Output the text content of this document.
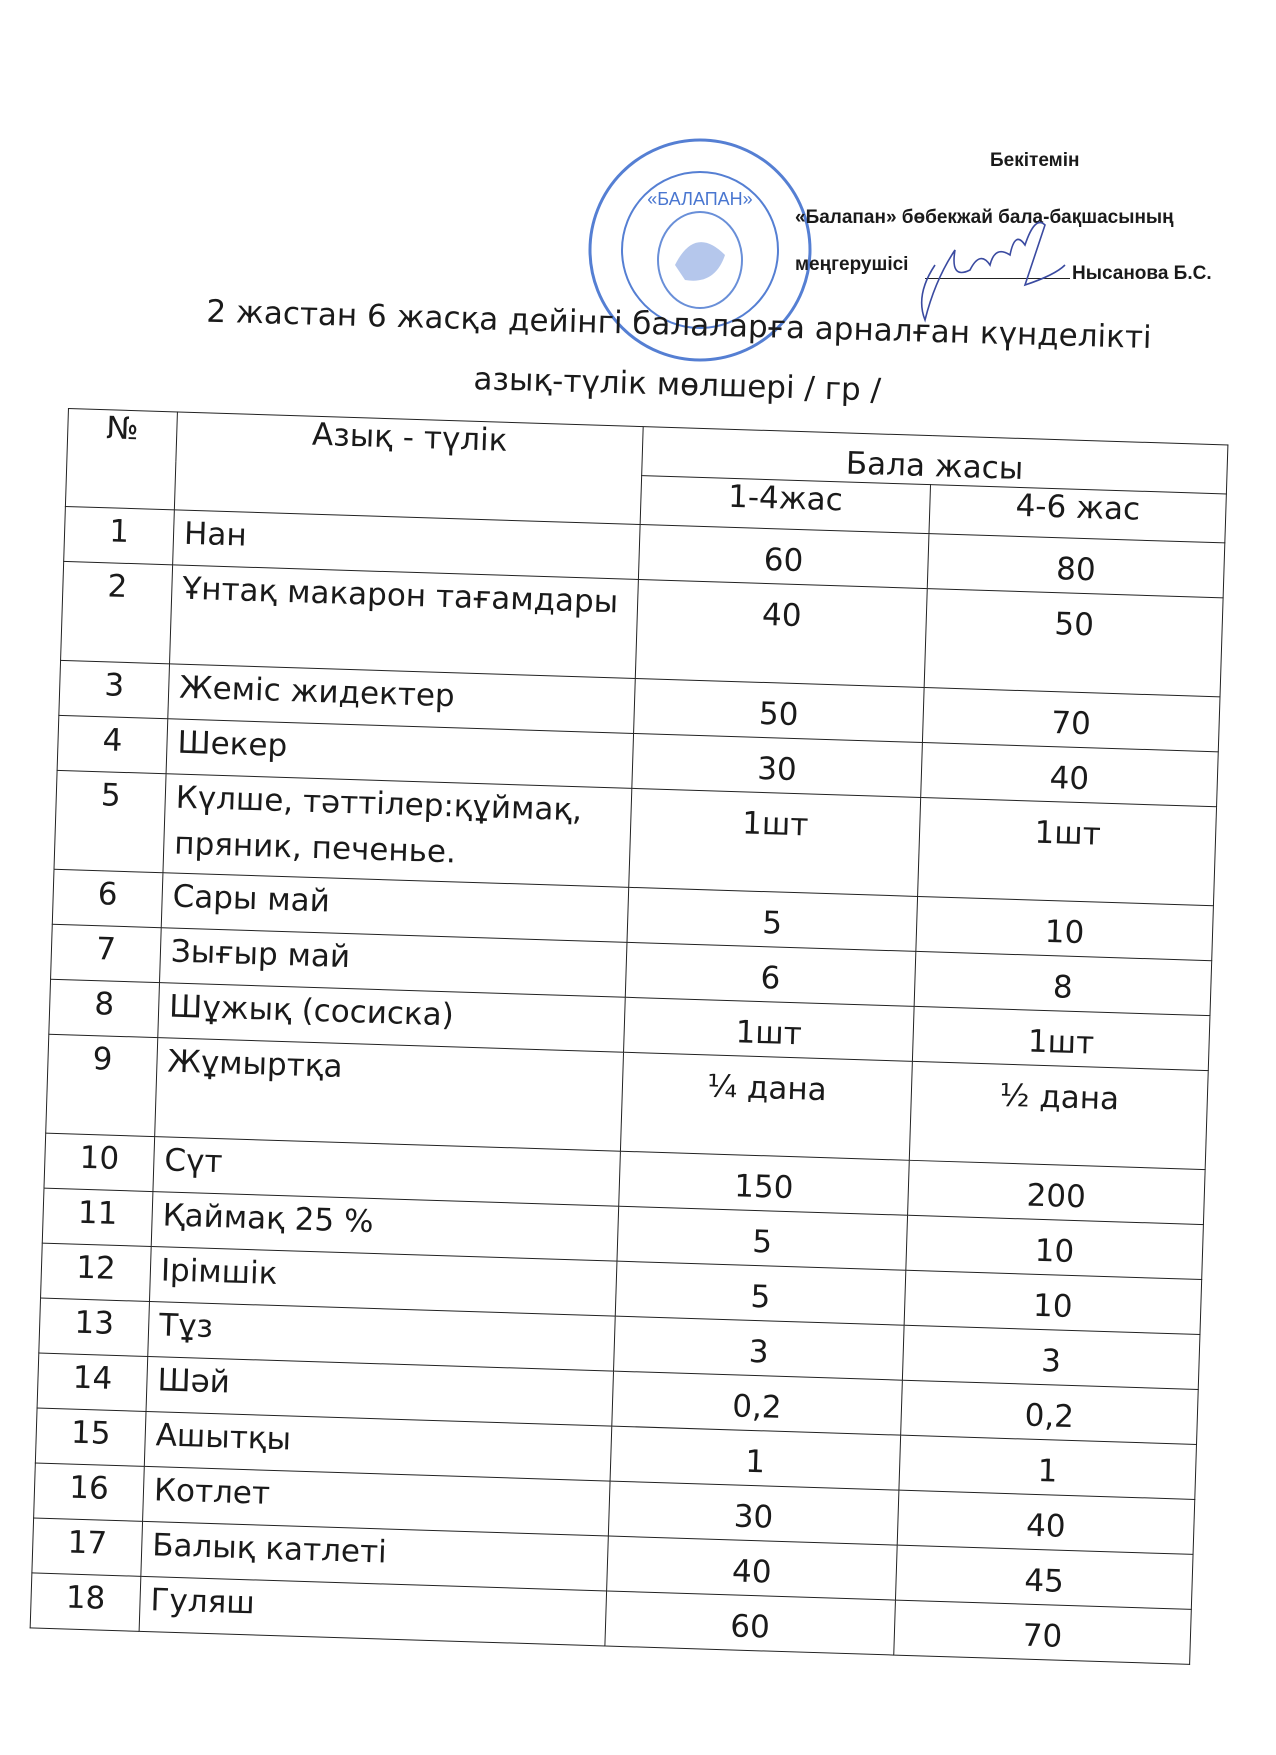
«БАЛАПАН»
Бекітемін
«Балапан» бөбекжай бала-бақшасының
меңгерушісі	Нысанова Б.С.
2 жастан 6 жасқа дейінгі балаларға арналған күнделікті
азық-түлік мөлшері / гр /
№	Азық - түлік	Бала жасы	
		1-4жас	4-6 жас
1	Нан	60	80

2	Ұнтақ макарон тағамдары	40	50

3	Жеміс жидектер	50	70

4	Шекер	30	40

5	Күлше, тәттілер:құймақ, пряник, печенье.	1шт	1шт

6	Сары май	5	10

7	Зығыр май	6	8

8	Шұжық (сосиска)	1шт	1шт

9	Жұмыртқа	¼ дана	½ дана

10	Сүт	150	200

11	Қаймақ 25 %	5	10

12	Ірімшік	5	10

13	Тұз	3	3

14	Шәй	0,2	0,2

15	Ашытқы	1	1

16	Котлет	30	40

17	Балық катлеті	40	45

18	Гуляш	60	70
